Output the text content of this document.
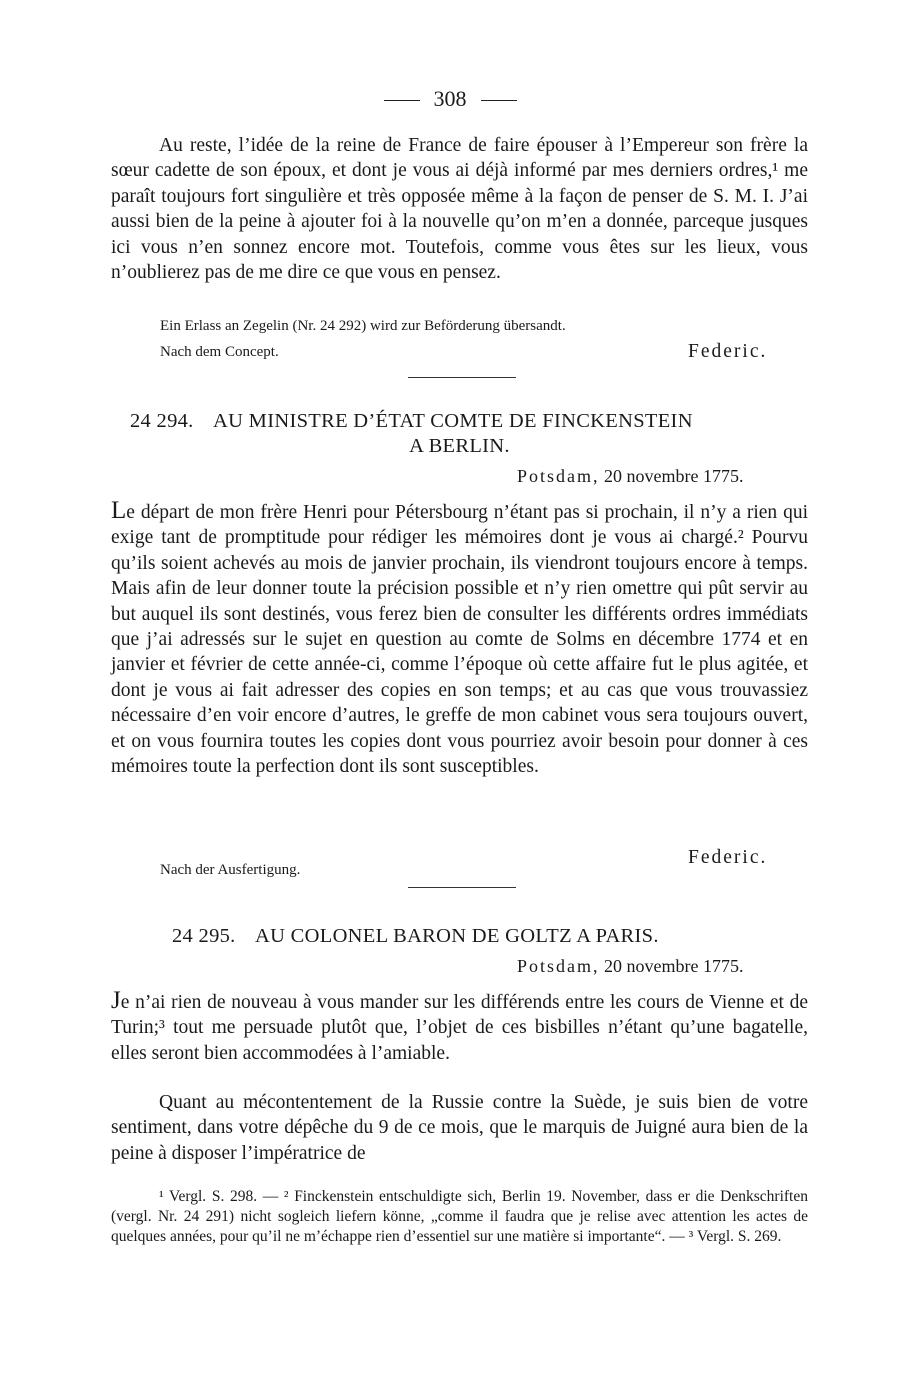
308

Au reste, l’idée de la reine de France de faire épouser à l’Empereur son frère la sœur cadette de son époux, et dont je vous ai déjà informé par mes derniers ordres,¹ me paraît toujours fort singulière et très opposée même à la façon de penser de S. M. I. J’ai aussi bien de la peine à ajouter foi à la nouvelle qu’on m’en a donnée, parceque jusques ici vous n’en sonnez encore mot. Toutefois, comme vous êtes sur les lieux, vous n’oublierez pas de me dire ce que vous en pensez.

Ein Erlass an Zegelin (Nr. 24 292) wird zur Beförderung übersandt.
Nach dem Concept.	Federic.
24 294. AU MINISTRE D’ÉTAT COMTE DE FINCKENSTEIN
A BERLIN.
Potsdam, 20 novembre 1775.

Le départ de mon frère Henri pour Pétersbourg n’étant pas si prochain, il n’y a rien qui exige tant de promptitude pour rédiger les mémoires dont je vous ai chargé.² Pourvu qu’ils soient achevés au mois de janvier prochain, ils viendront toujours encore à temps. Mais afin de leur donner toute la précision possible et n’y rien omettre qui pût servir au but auquel ils sont destinés, vous ferez bien de consulter les différents ordres immédiats que j’ai adressés sur le sujet en question au comte de Solms en décembre 1774 et en janvier et février de cette année-ci, comme l’époque où cette affaire fut le plus agitée, et dont je vous ai fait adresser des copies en son temps; et au cas que vous trouvassiez nécessaire d’en voir encore d’autres, le greffe de mon cabinet vous sera toujours ouvert, et on vous fournira toutes les copies dont vous pourriez avoir besoin pour donner à ces mémoires toute la perfection dont ils sont susceptibles.

Federic.
Nach der Ausfertigung.
24 295. AU COLONEL BARON DE GOLTZ A PARIS.
Potsdam, 20 novembre 1775.

Je n’ai rien de nouveau à vous mander sur les différends entre les cours de Vienne et de Turin;³ tout me persuade plutôt que, l’objet de ces bisbilles n’étant qu’une bagatelle, elles seront bien accommodées à l’amiable.

Quant au mécontentement de la Russie contre la Suède, je suis bien de votre sentiment, dans votre dépêche du 9 de ce mois, que le marquis de Juigné aura bien de la peine à disposer l’impératrice de

¹ Vergl. S. 298. — ² Finckenstein entschuldigte sich, Berlin 19. November, dass er die Denkschriften (vergl. Nr. 24 291) nicht sogleich liefern könne, „comme il faudra que je relise avec attention les actes de quelques années, pour qu’il ne m’échappe rien d’essentiel sur une matière si importante“. — ³ Vergl. S. 269.
